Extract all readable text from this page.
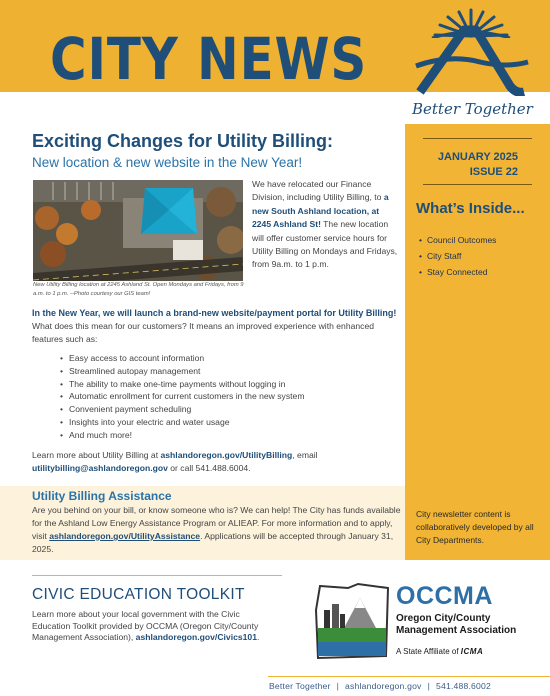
CITY NEWS
Better Together
JANUARY 2025
ISSUE 22
What’s Inside...
• Council Outcomes
• City Staff
• Stay Connected
City newsletter content is collaboratively developed by all City Departments.
Exciting Changes for Utility Billing:
New location & new website in the New Year!
New Utility Billing location at 2245 Ashland St. Open Mondays and Fridays, from 9 a.m. to 1 p.m. --Photo courtesy our GIS team!
We have relocated our Finance Division, including Utility Billing, to a new South Ashland location, at 2245 Ashland St! The new location will offer customer service hours for Utility Billing on Mondays and Fridays, from 9a.m. to 1 p.m.
In the New Year, we will launch a brand-new website/payment portal for Utility Billing! What does this mean for our customers? It means an improved experience with enhanced features such as:
• Easy access to account information
• Streamlined autopay management
• The ability to make one-time payments without logging in
• Automatic enrollment for current customers in the new system
• Convenient payment scheduling
• Insights into your electric and water usage
• And much more!
Learn more about Utility Billing at ashlandoregon.gov/UtilityBilling, email utilitybilling@ashlandoregon.gov or call 541.488.6004.
Utility Billing Assistance
Are you behind on your bill, or know someone who is? We can help! The City has funds available for the Ashland Low Energy Assistance Program or ALIEAP. For more information and to apply, visit ashlandoregon.gov/UtilityAssistance. Applications will be accepted through January 31, 2025.
CIVIC EDUCATION TOOLKIT
Learn more about your local government with the Civic Education Toolkit provided by OCCMA (Oregon City/County Management Association), ashlandoregon.gov/Civics101.
OCCMA
Oregon City/County
Management Association
A State Affiliate of ICMA
Better Together | ashlandoregon.gov | 541.488.6002
